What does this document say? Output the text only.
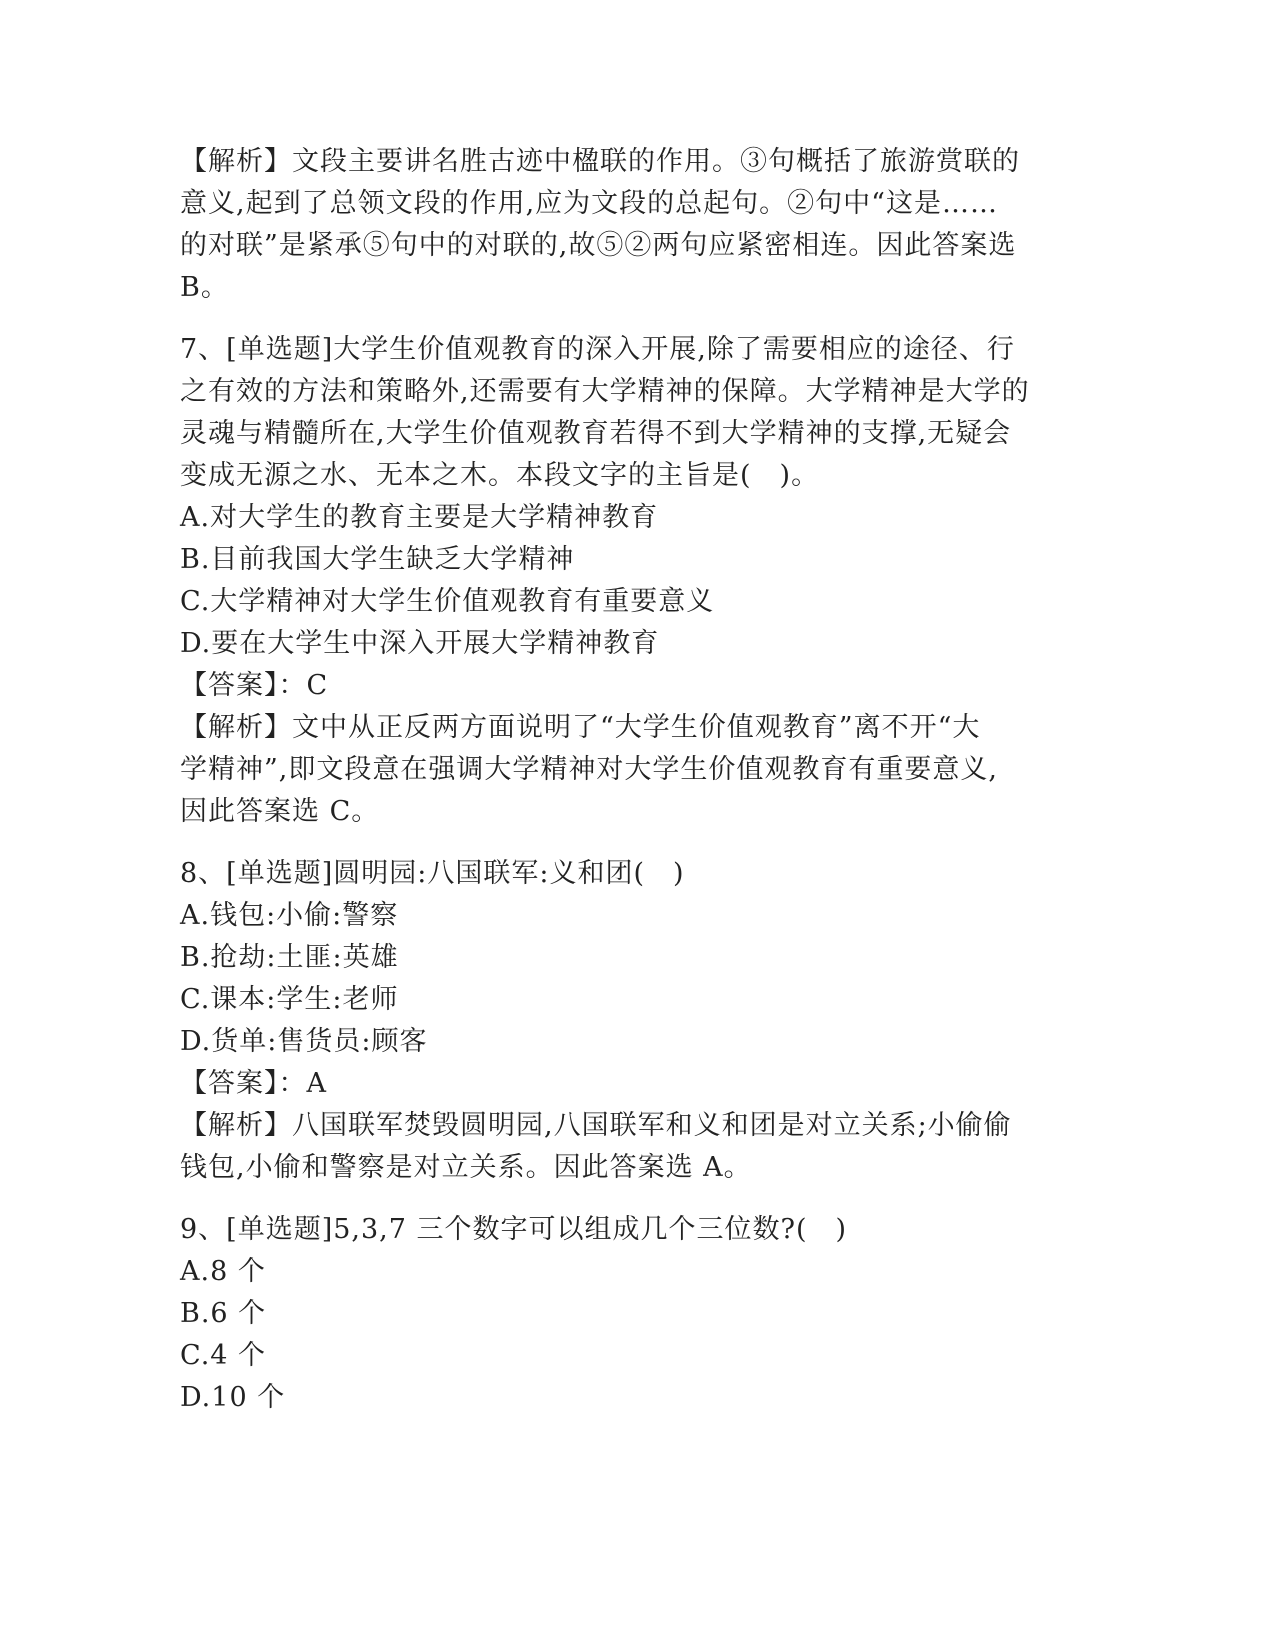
【解析】文段主要讲名胜古迹中楹联的作用。③句概括了旅游赏联的
意义,起到了总领文段的作用,应为文段的总起句。②句中“这是……
的对联”是紧承⑤句中的对联的,故⑤②两句应紧密相连。因此答案选
B。
7、[单选题]大学生价值观教育的深入开展,除了需要相应的途径、行
之有效的方法和策略外,还需要有大学精神的保障。大学精神是大学的
灵魂与精髓所在,大学生价值观教育若得不到大学精神的支撑,无疑会
变成无源之水、无本之木。本段文字的主旨是(　)。
A.对大学生的教育主要是大学精神教育
B.目前我国大学生缺乏大学精神
C.大学精神对大学生价值观教育有重要意义
D.要在大学生中深入开展大学精神教育
【答案】：C
【解析】文中从正反两方面说明了“大学生价值观教育”离不开“大
学精神”,即文段意在强调大学精神对大学生价值观教育有重要意义,
因此答案选 C。
8、[单选题]圆明园:八国联军:义和团(　)
A.钱包:小偷:警察
B.抢劫:土匪:英雄
C.课本:学生:老师
D.货单:售货员:顾客
【答案】：A
【解析】八国联军焚毁圆明园,八国联军和义和团是对立关系;小偷偷
钱包,小偷和警察是对立关系。因此答案选 A。
9、[单选题]5,3,7 三个数字可以组成几个三位数?(　)
A.8 个
B.6 个
C.4 个
D.10 个
